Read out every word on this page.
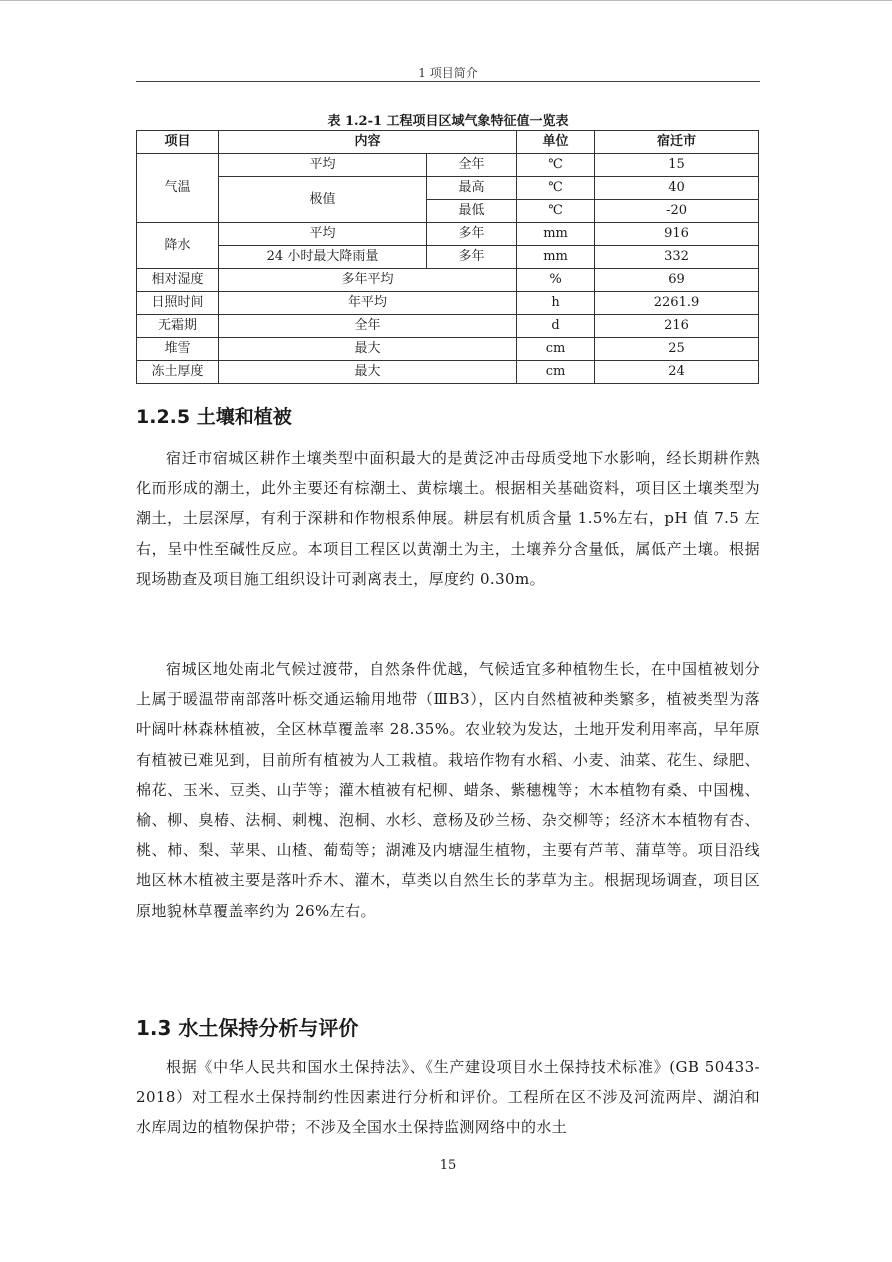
1 项目简介
表 1.2-1 工程项目区域气象特征值一览表
项目	内容		单位	宿迁市
气温	平均	全年	℃	15
	极值	最高	℃	40
		最低	℃	-20
降水	平均	多年	mm	916
	24 小时最大降雨量	多年	mm	332
相对湿度	多年平均		%	69
日照时间	年平均		h	2261.9
无霜期	全年		d	216
堆雪	最大		cm	25
冻土厚度	最大		cm	24
1.2.5 土壤和植被

宿迁市宿城区耕作土壤类型中面积最大的是黄泛冲击母质受地下水影响，经长期耕作熟化而形成的潮土，此外主要还有棕潮土、黄棕壤土。根据相关基础资料，项目区土壤类型为潮土，土层深厚，有利于深耕和作物根系伸展。耕层有机质含量 1.5%左右，pH 值 7.5 左右，呈中性至碱性反应。本项目工程区以黄潮土为主，土壤养分含量低，属低产土壤。根据现场勘查及项目施工组织设计可剥离表土，厚度约 0.30m。

宿城区地处南北气候过渡带，自然条件优越，气候适宜多种植物生长，在中国植被划分上属于暖温带南部落叶栎交通运输用地带（ⅢB3），区内自然植被种类繁多，植被类型为落叶阔叶林森林植被，全区林草覆盖率 28.35%。农业较为发达，土地开发利用率高，早年原有植被已难见到，目前所有植被为人工栽植。栽培作物有水稻、小麦、油菜、花生、绿肥、棉花、玉米、豆类、山芋等；灌木植被有杞柳、蜡条、紫穗槐等；木本植物有桑、中国槐、榆、柳、臭椿、法桐、刺槐、泡桐、水杉、意杨及砂兰杨、杂交柳等；经济木本植物有杏、桃、柿、梨、苹果、山楂、葡萄等；湖滩及内塘湿生植物，主要有芦苇、蒲草等。项目沿线地区林木植被主要是落叶乔木、灌木，草类以自然生长的茅草为主。根据现场调查，项目区原地貌林草覆盖率约为 26%左右。

1.3 水土保持分析与评价

根据《中华人民共和国水土保持法》、《生产建设项目水土保持技术标准》(GB 50433-2018）对工程水土保持制约性因素进行分析和评价。工程所在区不涉及河流两岸、湖泊和水库周边的植物保护带；不涉及全国水土保持监测网络中的水土

15
